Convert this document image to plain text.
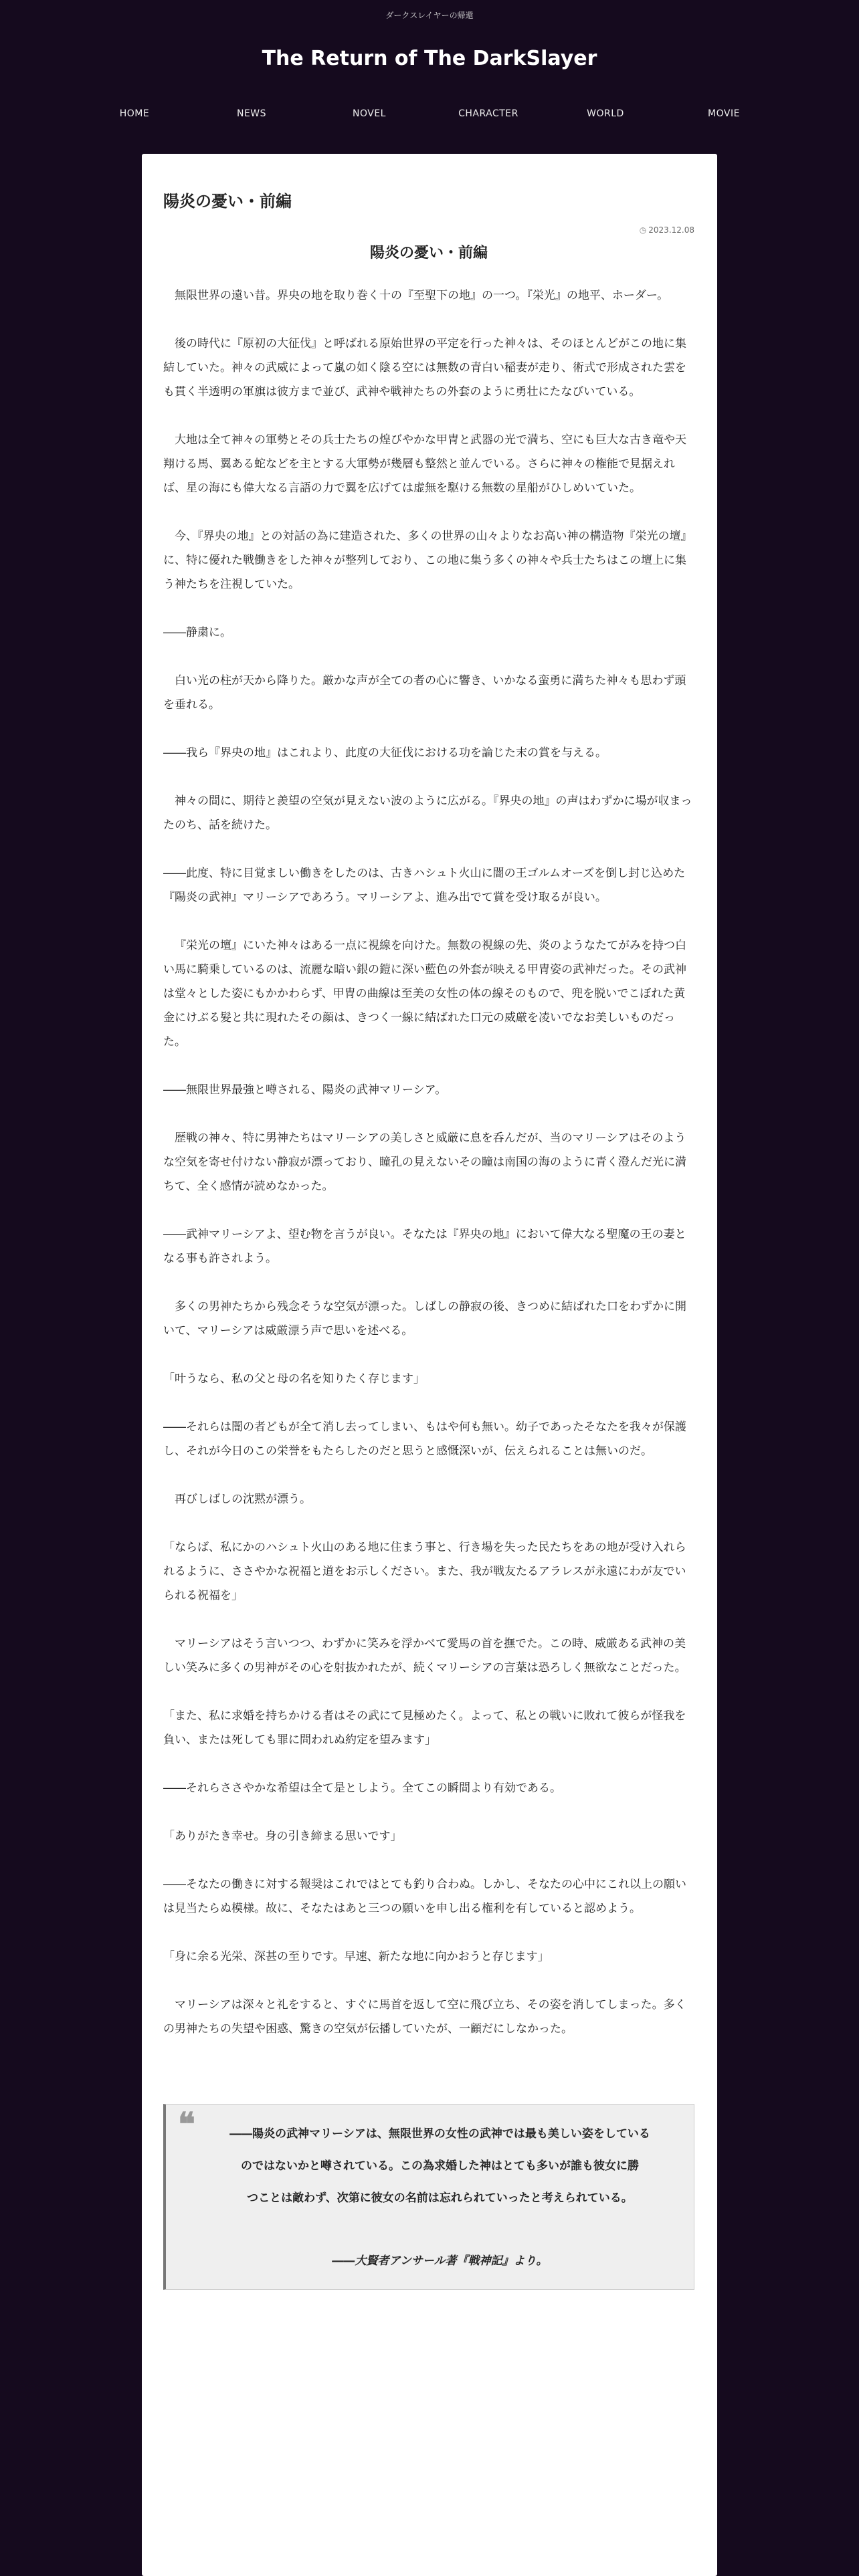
ダークスレイヤーの帰還
The Return of The DarkSlayer
HOME	NEWS	NOVEL	CHARACTER	WORLD	MOVIE
陽炎の憂い・前編
◷ 2023.12.08
陽炎の憂い・前編

無限世界の遠い昔。界央の地を取り巻く十の『至聖下の地』の一つ。『栄光』の地平、ホーダー。

後の時代に『原初の大征伐』と呼ばれる原始世界の平定を行った神々は、そのほとんどがこの地に集結していた。神々の武威によって嵐の如く陰る空には無数の青白い稲妻が走り、術式で形成された雲をも貫く半透明の軍旗は彼方まで並び、武神や戦神たちの外套のように勇壮にたなびいている。

大地は全て神々の軍勢とその兵士たちの煌びやかな甲冑と武器の光で満ち、空にも巨大な古き竜や天翔ける馬、翼ある蛇などを主とする大軍勢が幾層も整然と並んでいる。さらに神々の権能で見据えれば、星の海にも偉大なる言語の力で翼を広げては虚無を駆ける無数の星船がひしめいていた。

今、『界央の地』との対話の為に建造された、多くの世界の山々よりなお高い神の構造物『栄光の壇』に、特に優れた戦働きをした神々が整列しており、この地に集う多くの神々や兵士たちはこの壇上に集う神たちを注視していた。

――静粛に。

白い光の柱が天から降りた。厳かな声が全ての者の心に響き、いかなる蛮勇に満ちた神々も思わず頭を垂れる。

――我ら『界央の地』はこれより、此度の大征伐における功を論じた末の賞を与える。

神々の間に、期待と羨望の空気が見えない波のように広がる。『界央の地』の声はわずかに場が収まったのち、話を続けた。

――此度、特に目覚ましい働きをしたのは、古きハシュト火山に闇の王ゴルムオーズを倒し封じ込めた『陽炎の武神』マリーシアであろう。マリーシアよ、進み出でて賞を受け取るが良い。

『栄光の壇』にいた神々はある一点に視線を向けた。無数の視線の先、炎のようなたてがみを持つ白い馬に騎乗しているのは、流麗な暗い銀の鎧に深い藍色の外套が映える甲冑姿の武神だった。その武神は堂々とした姿にもかかわらず、甲冑の曲線は至美の女性の体の線そのもので、兜を脱いでこぼれた黄金にけぶる髪と共に現れたその顔は、きつく一線に結ばれた口元の威厳を凌いでなお美しいものだった。

――無限世界最強と噂される、陽炎の武神マリーシア。

歴戦の神々、特に男神たちはマリーシアの美しさと威厳に息を呑んだが、当のマリーシアはそのような空気を寄せ付けない静寂が漂っており、瞳孔の見えないその瞳は南国の海のように青く澄んだ光に満ちて、全く感情が読めなかった。

――武神マリーシアよ、望む物を言うが良い。そなたは『界央の地』において偉大なる聖魔の王の妻となる事も許されよう。

多くの男神たちから残念そうな空気が漂った。しばしの静寂の後、きつめに結ばれた口をわずかに開いて、マリーシアは威厳漂う声で思いを述べる。

「叶うなら、私の父と母の名を知りたく存じます」

――それらは闇の者どもが全て消し去ってしまい、もはや何も無い。幼子であったそなたを我々が保護し、それが今日のこの栄誉をもたらしたのだと思うと感慨深いが、伝えられることは無いのだ。

再びしばしの沈黙が漂う。

「ならば、私にかのハシュト火山のある地に住まう事と、行き場を失った民たちをあの地が受け入れられるように、ささやかな祝福と道をお示しください。また、我が戦友たるアラレスが永遠にわが友でいられる祝福を」

マリーシアはそう言いつつ、わずかに笑みを浮かべて愛馬の首を撫でた。この時、威厳ある武神の美しい笑みに多くの男神がその心を射抜かれたが、続くマリーシアの言葉は恐ろしく無欲なことだった。

「また、私に求婚を持ちかける者はその武にて見極めたく。よって、私との戦いに敗れて彼らが怪我を負い、または死しても罪に問われぬ約定を望みます」

――それらささやかな希望は全て是としよう。全てこの瞬間より有効である。

「ありがたき幸せ。身の引き締まる思いです」

――そなたの働きに対する報奨はこれではとても釣り合わぬ。しかし、そなたの心中にこれ以上の願いは見当たらぬ模様。故に、そなたはあと三つの願いを申し出る権利を有していると認めよう。

「身に余る光栄、深甚の至りです。早速、新たな地に向かおうと存じます」

マリーシアは深々と礼をすると、すぐに馬首を返して空に飛び立ち、その姿を消してしまった。多くの男神たちの失望や困惑、驚きの空気が伝播していたが、一顧だにしなかった。

❝	――陽炎の武神マリーシアは、無限世界の女性の武神では最も美しい姿をしている
のではないかと噂されている。この為求婚した神はとても多いが誰も彼女に勝
つことは敵わず、次第に彼女の名前は忘れられていったと考えられている。
――大賢者アンサール著『戦神記』より。
